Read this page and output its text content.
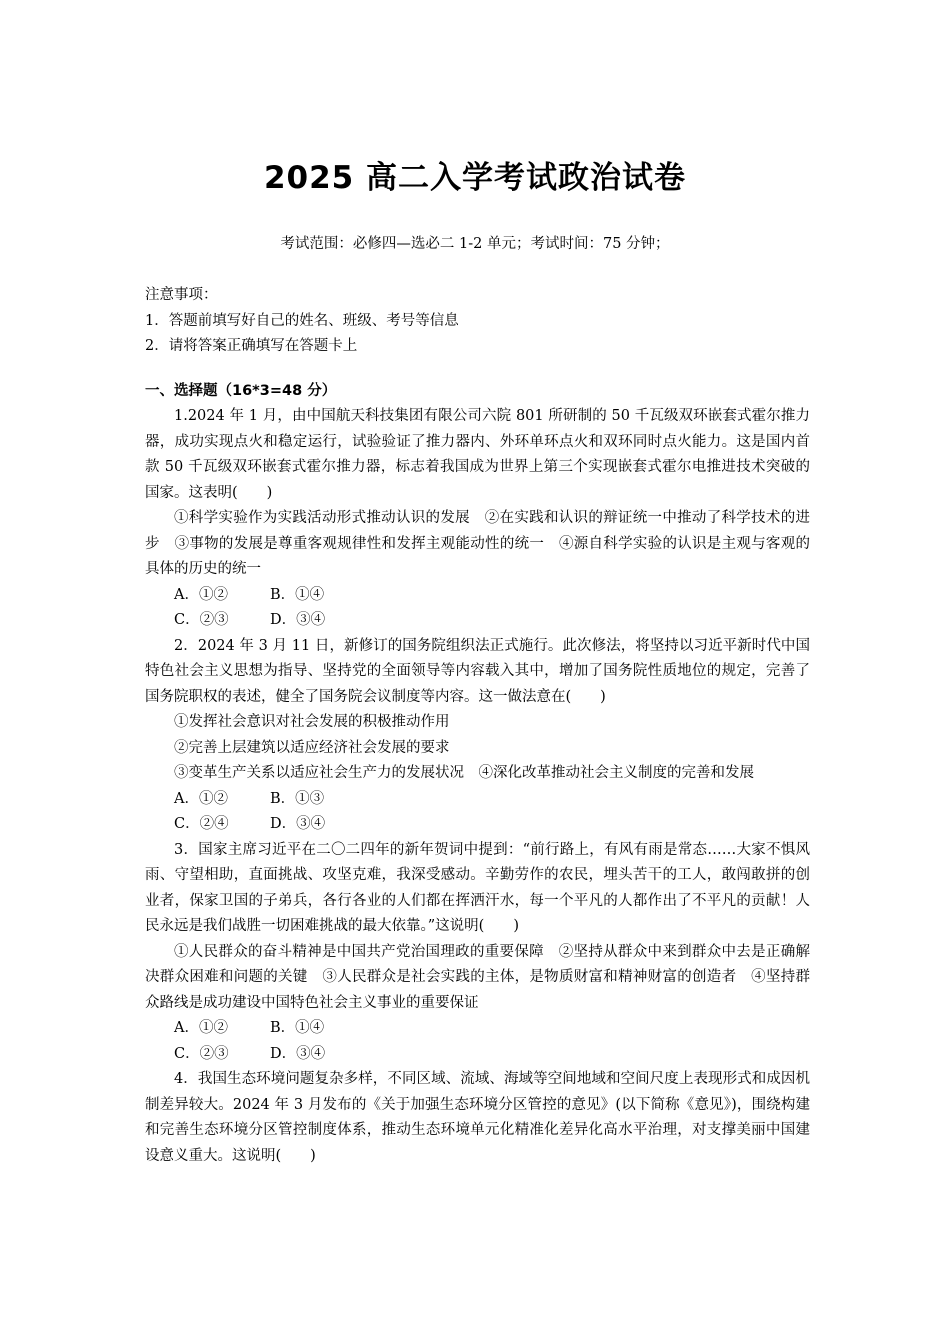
2025 高二入学考试政治试卷
考试范围：必修四—选必二 1-2 单元；考试时间：75 分钟；
注意事项：
1．答题前填写好自己的姓名、班级、考号等信息
2．请将答案正确填写在答题卡上
一、选择题（16*3=48 分）

1.2024 年 1 月，由中国航天科技集团有限公司六院 801 所研制的 50 千瓦级双环嵌套式霍尔推力器，成功实现点火和稳定运行，试验验证了推力器内、外环单环点火和双环同时点火能力。这是国内首款 50 千瓦级双环嵌套式霍尔推力器，标志着我国成为世界上第三个实现嵌套式霍尔电推进技术突破的国家。这表明(　　)

①科学实验作为实践活动形式推动认识的发展　②在实践和认识的辩证统一中推动了科学技术的进步　③事物的发展是尊重客观规律性和发挥主观能动性的统一　④源自科学实验的认识是主观与客观的具体的历史的统一

A．①②	B．①④

C．②③	D．③④

2．2024 年 3 月 11 日，新修订的国务院组织法正式施行。此次修法，将坚持以习近平新时代中国特色社会主义思想为指导、坚持党的全面领导等内容载入其中，增加了国务院性质地位的规定，完善了国务院职权的表述，健全了国务院会议制度等内容。这一做法意在(　　)

①发挥社会意识对社会发展的积极推动作用

②完善上层建筑以适应经济社会发展的要求

③变革生产关系以适应社会生产力的发展状况　④深化改革推动社会主义制度的完善和发展

A．①②	B．①③

C．②④	D．③④

3．国家主席习近平在二〇二四年的新年贺词中提到：“前行路上，有风有雨是常态……大家不惧风雨、守望相助，直面挑战、攻坚克难，我深受感动。辛勤劳作的农民，埋头苦干的工人，敢闯敢拼的创业者，保家卫国的子弟兵，各行各业的人们都在挥洒汗水，每一个平凡的人都作出了不平凡的贡献！人民永远是我们战胜一切困难挑战的最大依靠。”这说明(　　)

①人民群众的奋斗精神是中国共产党治国理政的重要保障　②坚持从群众中来到群众中去是正确解决群众困难和问题的关键　③人民群众是社会实践的主体，是物质财富和精神财富的创造者　④坚持群众路线是成功建设中国特色社会主义事业的重要保证

A．①②	B．①④

C．②③	D．③④

4．我国生态环境问题复杂多样，不同区域、流域、海域等空间地域和空间尺度上表现形式和成因机制差异较大。2024 年 3 月发布的《关于加强生态环境分区管控的意见》(以下简称《意见》)，围绕构建和完善生态环境分区管控制度体系，推动生态环境单元化精准化差异化高水平治理，对支撑美丽中国建设意义重大。这说明(　　)
